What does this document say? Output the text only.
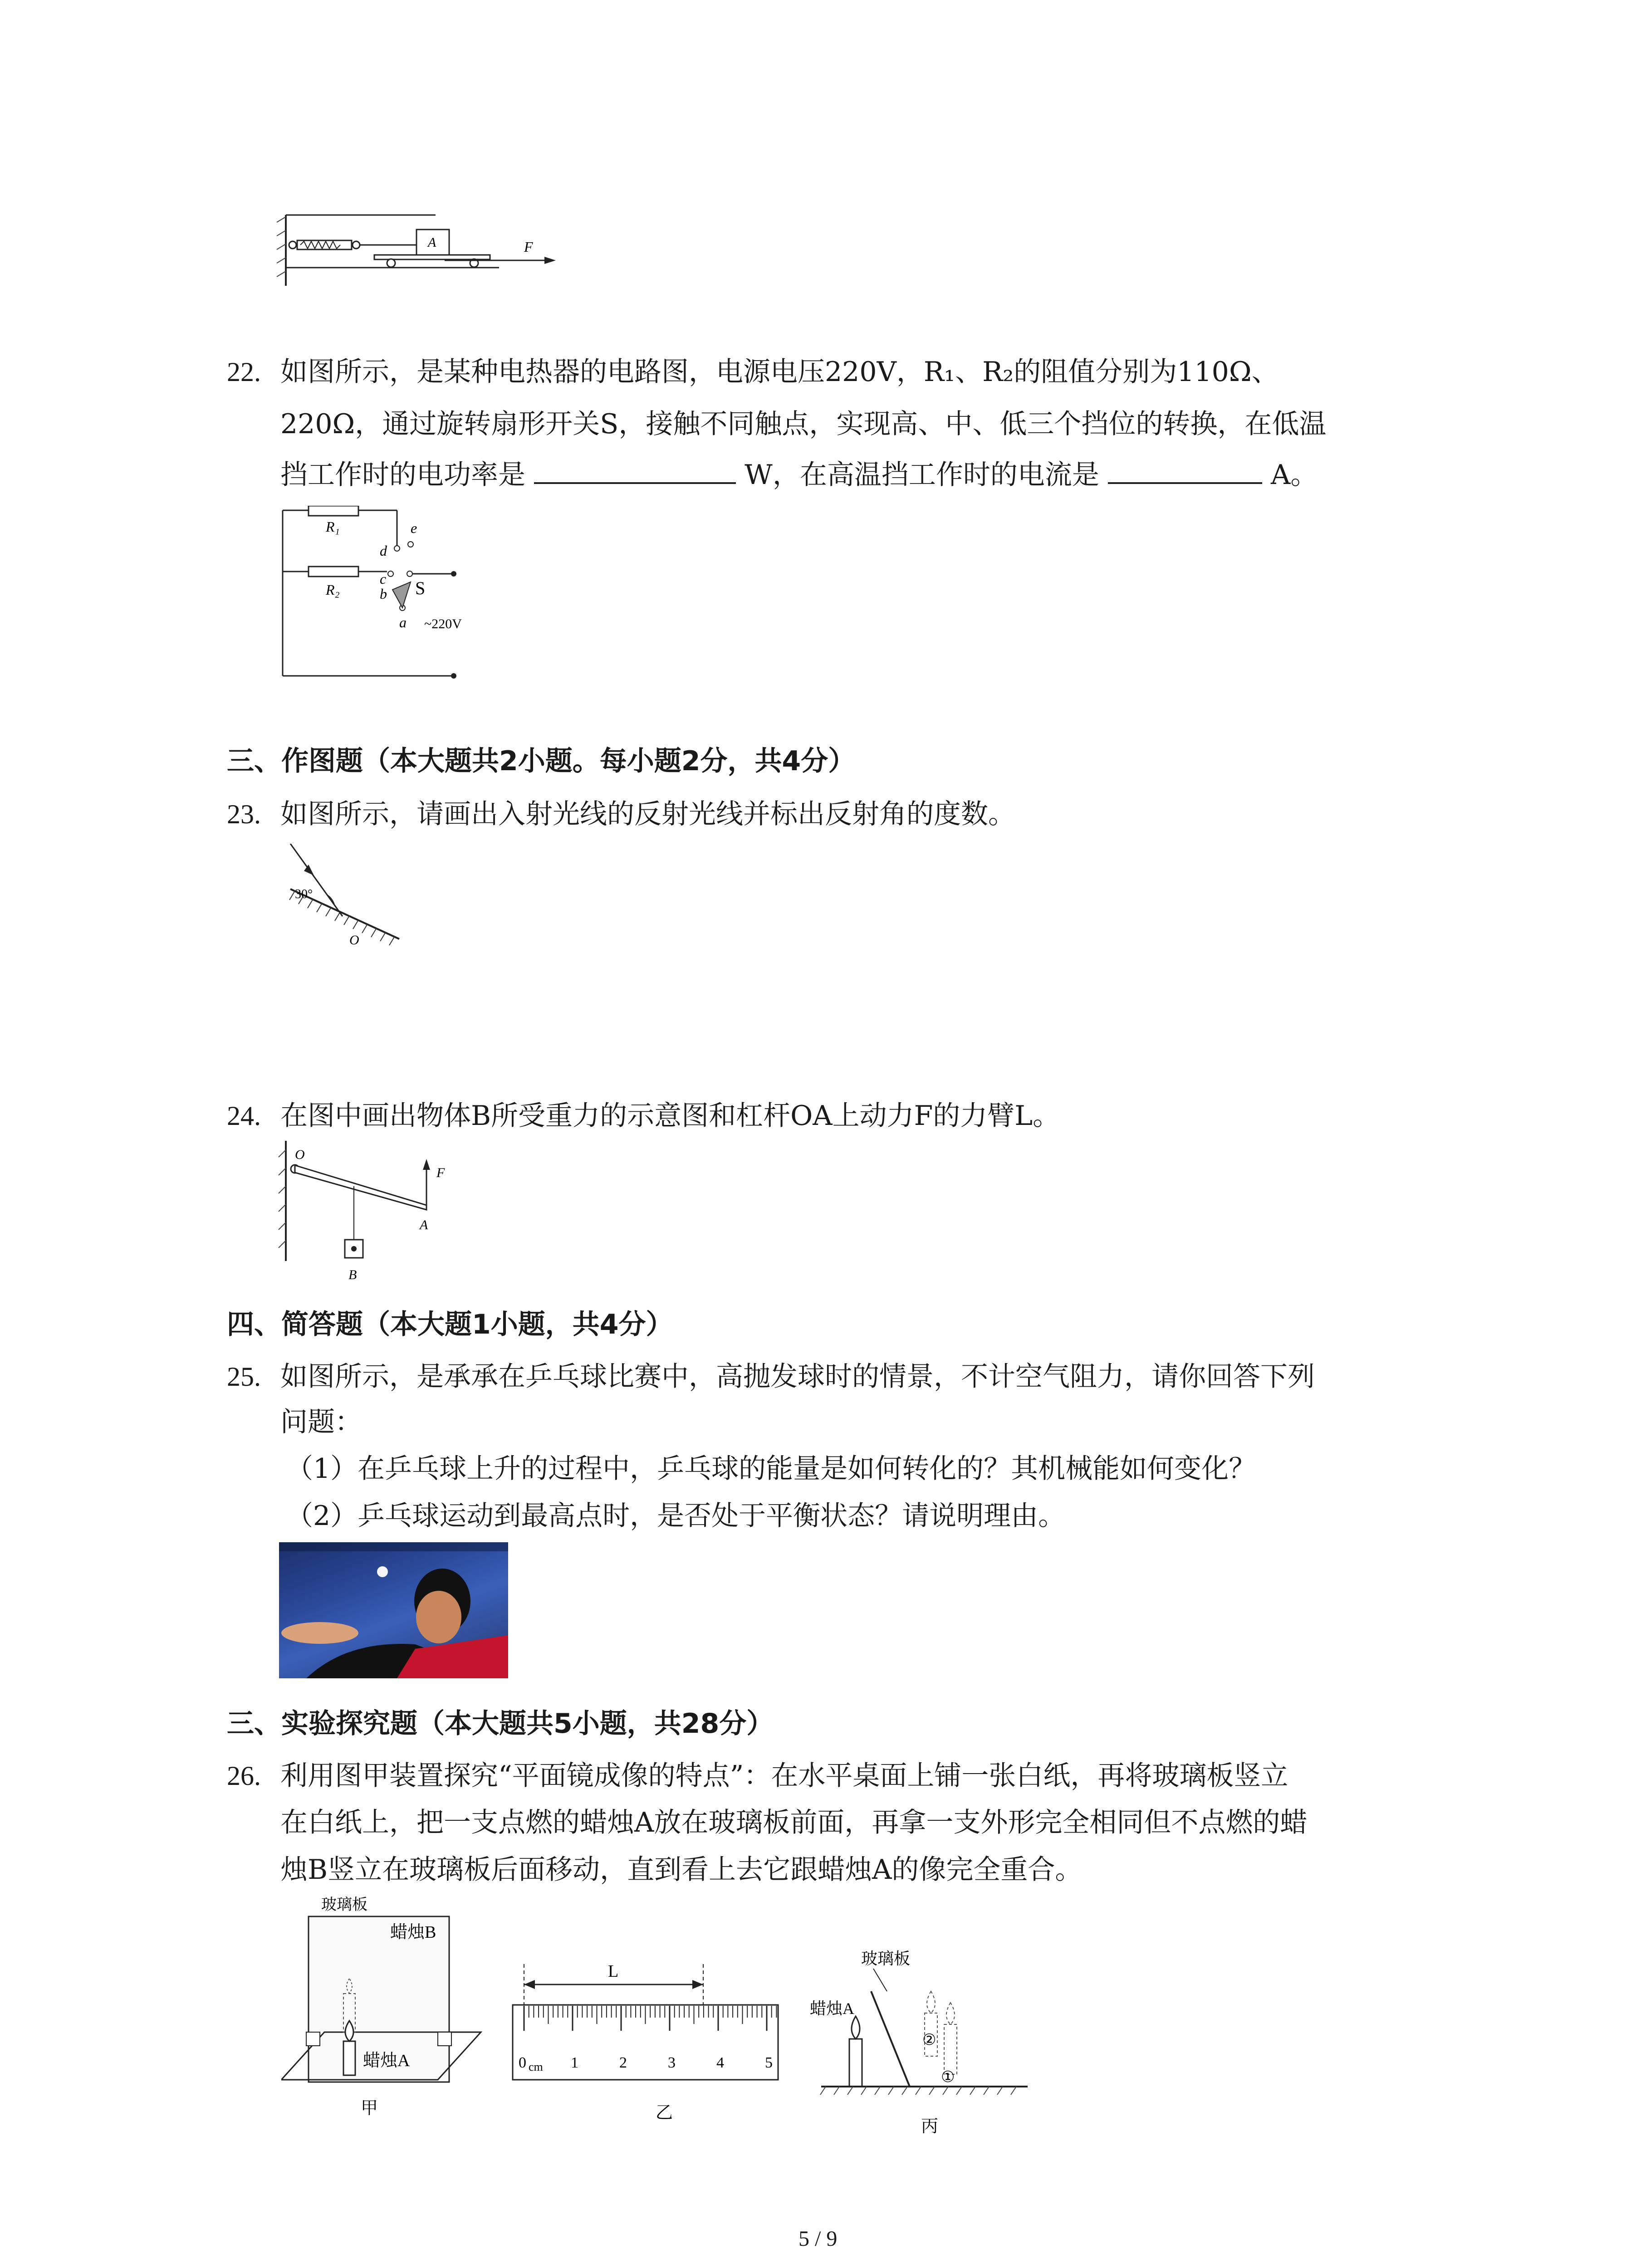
A	F
22. 如图所示，是某种电热器的电路图，电源电压220V，R₁、R₂的阻值分别为110Ω、
220Ω，通过旋转扇形开关S，接触不同触点，实现高、中、低三个挡位的转换，在低温
挡工作时的电功率是	W，在高温挡工作时的电流是	A。
R₁
R₂
d
e
c
b
a
S
~220V
三、作图题（本大题共2小题。每小题2分，共4分）
23. 如图所示，请画出入射光线的反射光线并标出反射角的度数。
30°
O
24. 在图中画出物体B所受重力的示意图和杠杆OA上动力F的力臂L。
O
F
A
B
四、简答题（本大题1小题，共4分）
25. 如图所示，是承承在乒乓球比赛中，高抛发球时的情景，不计空气阻力，请你回答下列
问题：
（1）在乒乓球上升的过程中，乒乓球的能量是如何转化的？其机械能如何变化？
（2）乒乓球运动到最高点时，是否处于平衡状态？请说明理由。
三、实验探究题（本大题共5小题，共28分）
26. 利用图甲装置探究“平面镜成像的特点”：在水平桌面上铺一张白纸，再将玻璃板竖立
在白纸上，把一支点燃的蜡烛A放在玻璃板前面，再拿一支外形完全相同但不点燃的蜡
烛B竖立在玻璃板后面移动，直到看上去它跟蜡烛A的像完全重合。
玻璃板
蜡烛B
蜡烛A
甲
L
0 cm 1	2	3	4	5
乙
玻璃板
蜡烛A
②
①
丙
5 / 9
